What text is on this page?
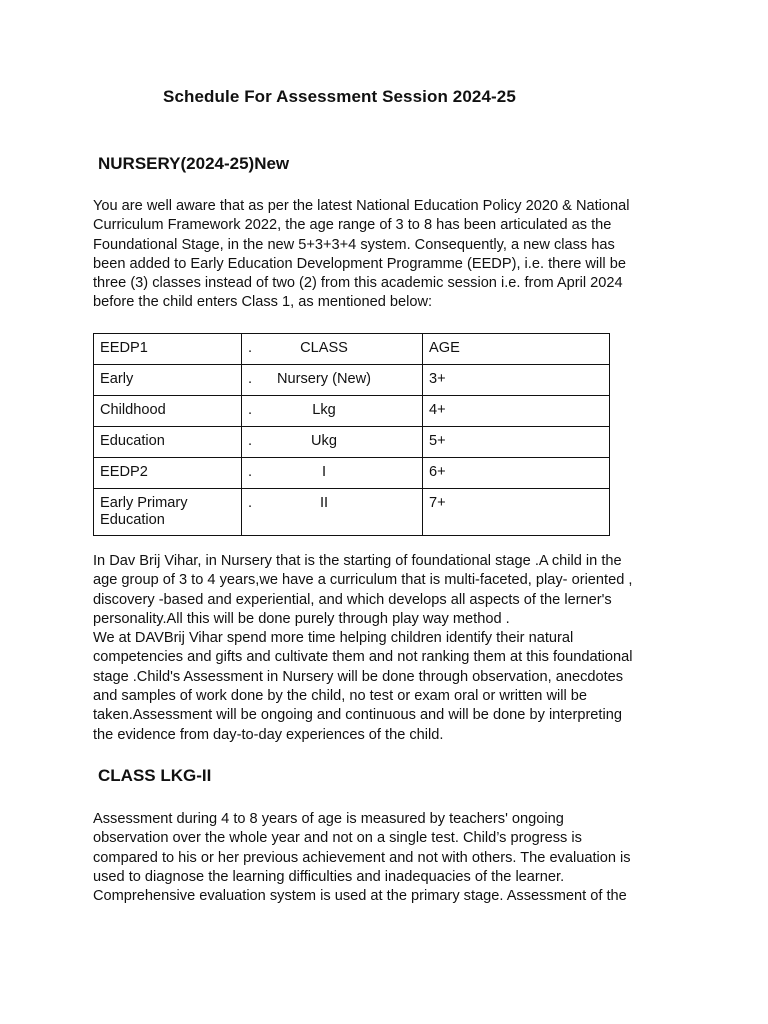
Schedule For Assessment Session 2024-25
NURSERY(2024-25)New

You are well aware that as per the latest National Education Policy 2020 & National
Curriculum Framework 2022, the age range of 3 to 8 has been articulated as the
Foundational Stage, in the new 5+3+3+4 system. Consequently, a new class has
been added to Early Education Development Programme (EEDP), i.e. there will be
three (3) classes instead of two (2) from this academic session i.e. from April 2024
before the child enters Class 1, as mentioned below:

EEDP1	. CLASS	AGE
Early	. Nursery (New)	3+
Childhood	. Lkg	4+
Education	. Ukg	5+
EEDP2	. I	6+
Early Primary
Education	. II	7+

In Dav Brij Vihar, in Nursery that is the starting of foundational stage .A child in the
age group of 3 to 4 years,we have a curriculum that is multi-faceted, play- oriented ,
discovery -based and experiential, and which develops all aspects of the lerner's
personality.All this will be done purely through play way method .
We at DAVBrij Vihar spend more time helping children identify their natural
competencies and gifts and cultivate them and not ranking them at this foundational
stage .Child's Assessment in Nursery will be done through observation, anecdotes
and samples of work done by the child, no test or exam oral or written will be
taken.Assessment will be ongoing and continuous and will be done by interpreting
the evidence from day-to-day experiences of the child.

CLASS LKG-II

Assessment during 4 to 8 years of age is measured by teachers' ongoing
observation over the whole year and not on a single test. Child’s progress is
compared to his or her previous achievement and not with others. The evaluation is
used to diagnose the learning difficulties and inadequacies of the learner.
Comprehensive evaluation system is used at the primary stage. Assessment of the
